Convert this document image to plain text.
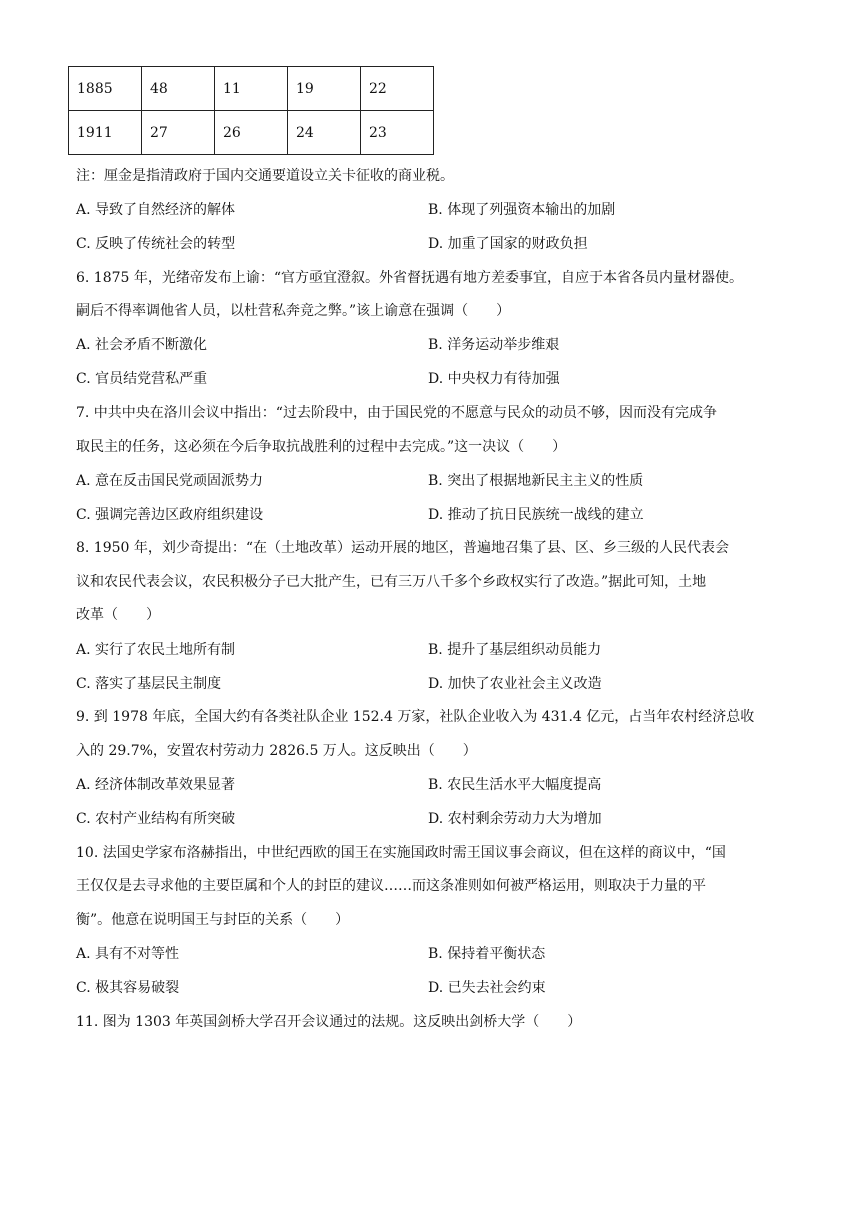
1885	48	11	19	22
1911	27	26	24	23
注：厘金是指清政府于国内交通要道设立关卡征收的商业税。
A. 导致了自然经济的解体	B. 体现了列强资本输出的加剧
C. 反映了传统社会的转型	D. 加重了国家的财政负担
6. 1875 年，光绪帝发布上谕：“官方亟宜澄叙。外省督抚遇有地方差委事宜，自应于本省各员内量材器使。
嗣后不得率调他省人员，以杜营私奔竞之弊。”该上谕意在强调（　　）
A. 社会矛盾不断激化	B. 洋务运动举步维艰
C. 官员结党营私严重	D. 中央权力有待加强
7. 中共中央在洛川会议中指出：“过去阶段中，由于国民党的不愿意与民众的动员不够，因而没有完成争
取民主的任务，这必须在今后争取抗战胜利的过程中去完成。”这一决议（　　）
A. 意在反击国民党顽固派势力	B. 突出了根据地新民主主义的性质
C. 强调完善边区政府组织建设	D. 推动了抗日民族统一战线的建立
8. 1950 年，刘少奇提出：“在（土地改革）运动开展的地区，普遍地召集了县、区、乡三级的人民代表会
议和农民代表会议，农民积极分子已大批产生，已有三万八千多个乡政权实行了改造。”据此可知，土地
改革（　　）
A. 实行了农民土地所有制	B. 提升了基层组织动员能力
C. 落实了基层民主制度	D. 加快了农业社会主义改造
9. 到 1978 年底，全国大约有各类社队企业 152.4 万家，社队企业收入为 431.4 亿元，占当年农村经济总收
入的 29.7%，安置农村劳动力 2826.5 万人。这反映出（　　）
A. 经济体制改革效果显著	B. 农民生活水平大幅度提高
C. 农村产业结构有所突破	D. 农村剩余劳动力大为增加
10. 法国史学家布洛赫指出，中世纪西欧的国王在实施国政时需王国议事会商议，但在这样的商议中，“国
王仅仅是去寻求他的主要臣属和个人的封臣的建议……而这条准则如何被严格运用，则取决于力量的平
衡”。他意在说明国王与封臣的关系（　　）
A. 具有不对等性	B. 保持着平衡状态
C. 极其容易破裂	D. 已失去社会约束
11. 图为 1303 年英国剑桥大学召开会议通过的法规。这反映出剑桥大学（　　）
